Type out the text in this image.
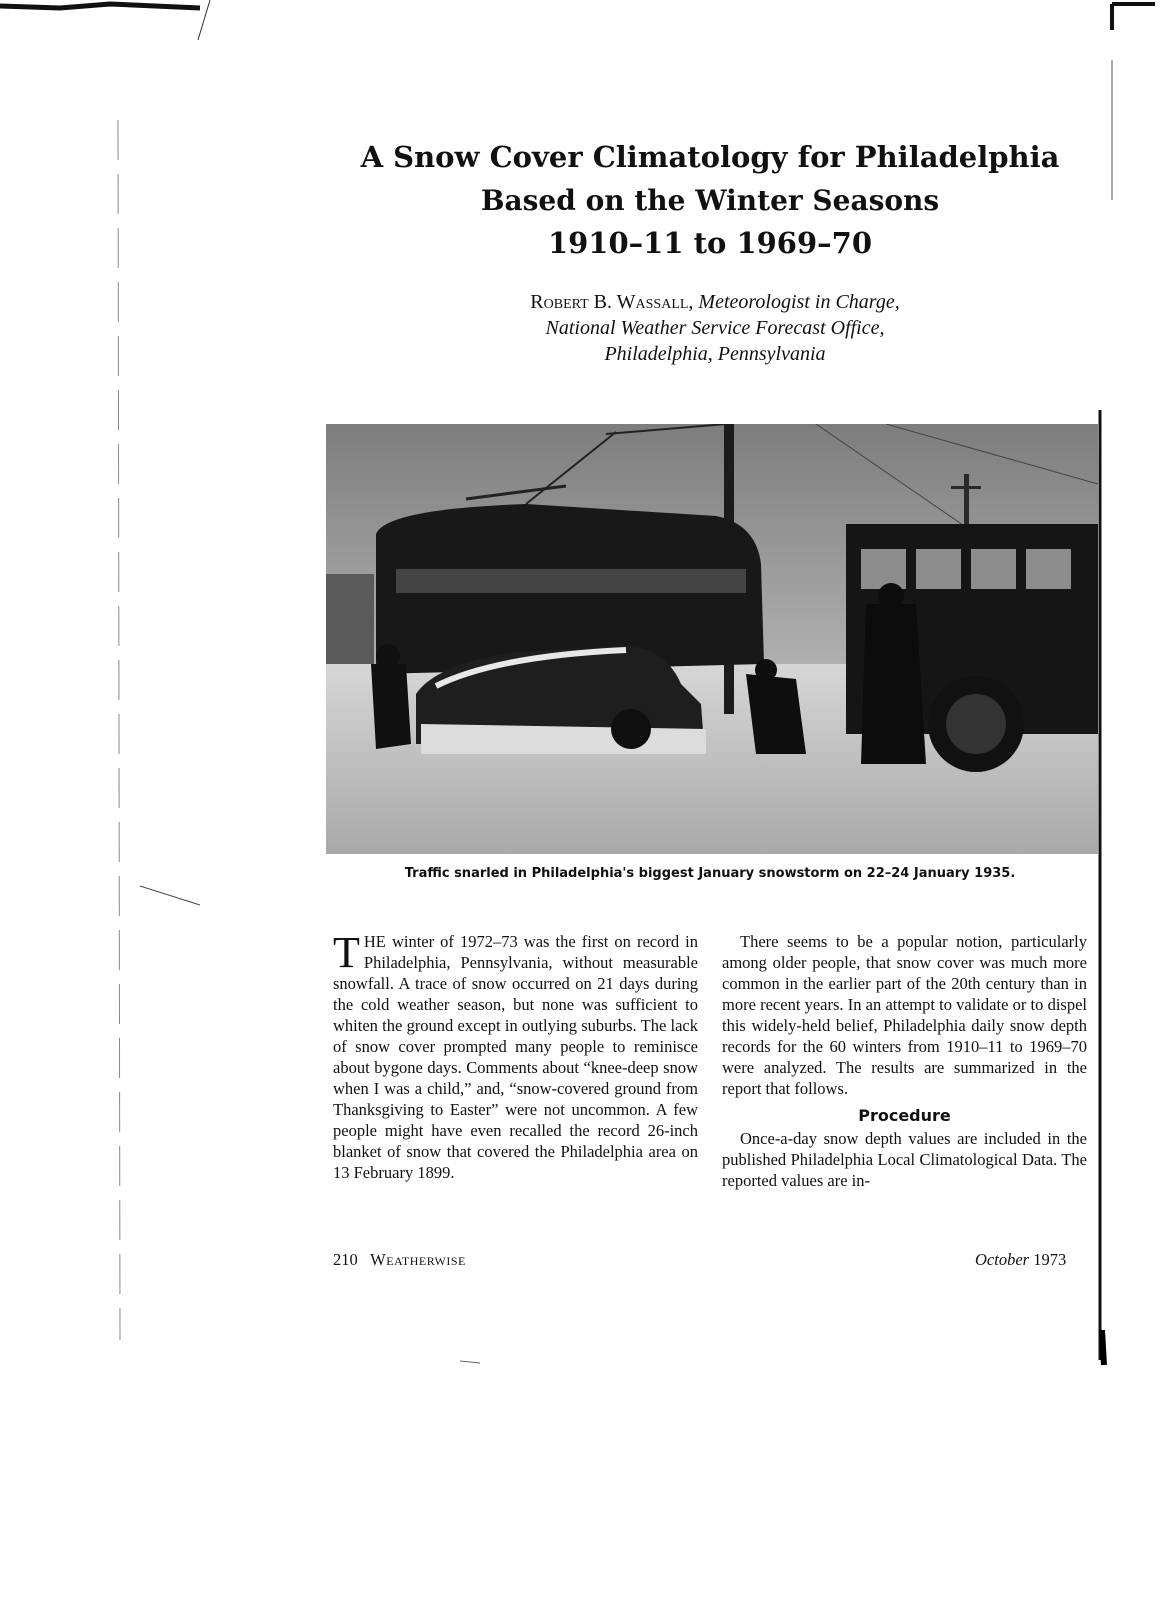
A Snow Cover Climatology for Philadelphia
Based on the Winter Seasons
1910–11 to 1969–70
Robert B. Wassall, Meteorologist in Charge,
National Weather Service Forecast Office,
Philadelphia, Pennsylvania
Traffic snarled in Philadelphia's biggest January snowstorm on 22–24 January 1935.
THE winter of 1972–73 was the first on record in Philadelphia, Pennsylvania, without measurable snowfall. A trace of snow occurred on 21 days during the cold weather season, but none was sufficient to whiten the ground except in outlying suburbs. The lack of snow cover prompted many people to reminisce about bygone days. Comments about “knee-deep snow when I was a child,” and, “snow-covered ground from Thanksgiving to Easter” were not uncommon. A few people might have even recalled the record 26-inch blanket of snow that covered the Philadelphia area on 13 February 1899.
There seems to be a popular notion, particularly among older people, that snow cover was much more common in the earlier part of the 20th century than in more recent years. In an attempt to validate or to dispel this widely-held belief, Philadelphia daily snow depth records for the 60 winters from 1910–11 to 1969–70 were analyzed. The results are summarized in the report that follows.
Procedure
Once-a-day snow depth values are included in the published Philadelphia Local Climatological Data. The reported values are in-
210 Weatherwise	October 1973
